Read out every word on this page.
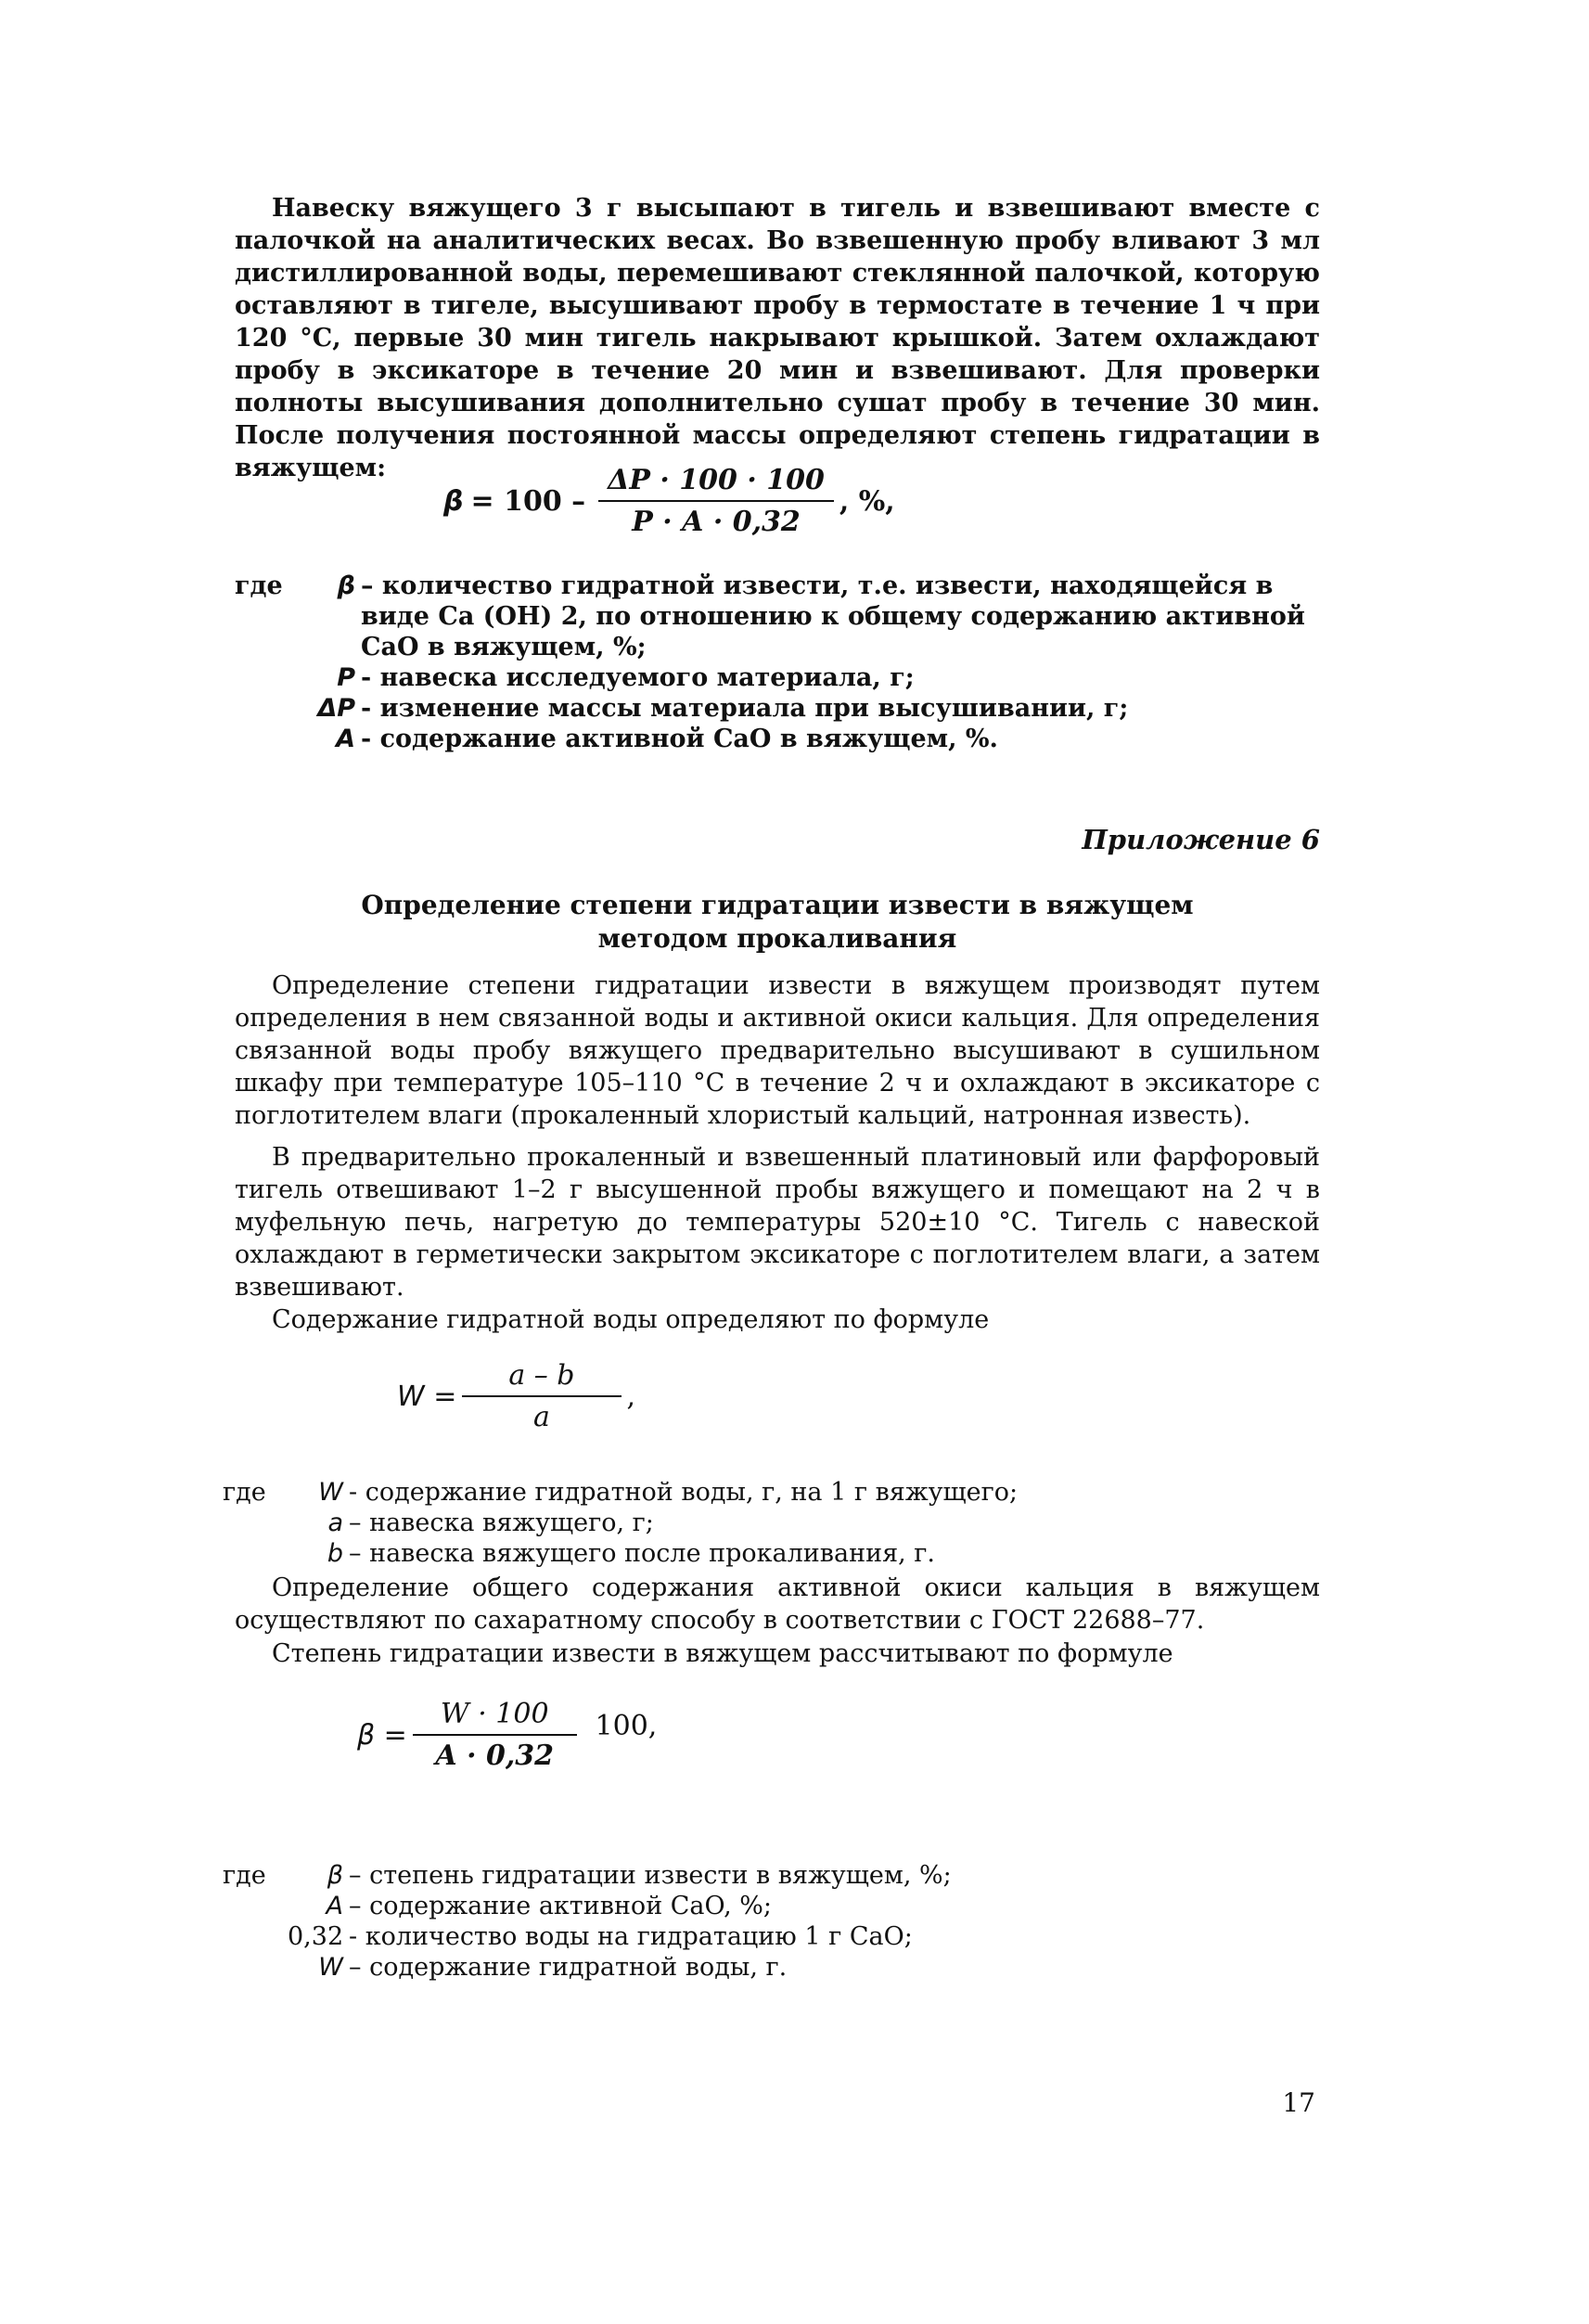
Навеску вяжущего 3 г высыпают в тигель и взвешивают вместе с палочкой на аналитических весах. Во взвешенную пробу вливают 3 мл дистиллированной воды, перемешивают стеклянной палочкой, которую оставляют в тигеле, высушивают пробу в термостате в течение 1 ч при 120 °С, первые 30 мин тигель накрывают крышкой. Затем охлаждают пробу в эксикаторе в течение 20 мин и взвешивают. Для проверки полноты высушивания дополнительно сушат пробу в течение 30 мин. После получения постоянной массы определяют степень гидратации в вяжущем:

$\beta = 100 - \frac{\Delta P \cdot 100 \cdot 100}{P \cdot A \cdot 0,32}$ , %,
где	β – количество гидратной извести, т.е. извести, находящейся в виде Ca (OH) 2, по отношению к общему содержанию активной CaO в вяжущем, %;
P - навеска исследуемого материала, г;
ΔP - изменение массы материала при высушивании, г;
A - содержание активной CaO в вяжущем, %.
Приложение 6
Определение степени гидратации извести в вяжущем
методом прокаливания

Определение степени гидратации извести в вяжущем производят путем определения в нем связанной воды и активной окиси кальция. Для определения связанной воды пробу вяжущего предварительно высушивают в сушильном шкафу при температуре 105–110 °С в течение 2 ч и охлаждают в эксикаторе с поглотителем влаги (прокаленный хлористый кальций, натронная известь).

В предварительно прокаленный и взвешенный платиновый или фарфоровый тигель отвешивают 1–2 г высушенной пробы вяжущего и помещают на 2 ч в муфельную печь, нагретую до температуры 520±10 °С. Тигель с навеской охлаждают в герметически закрытом эксикаторе с поглотителем влаги, а затем взвешивают.

Содержание гидратной воды определяют по формуле

$W = \frac{a - b}{a}$ ,
где	W - содержание гидратной воды, г, на 1 г вяжущего;
a – навеска вяжущего, г;
b – навеска вяжущего после прокаливания, г.

Определение общего содержания активной окиси кальция в вяжущем осуществляют по сахаратному способу в соответствии с ГОСТ 22688–77.

Степень гидратации извести в вяжущем рассчитывают по формуле

$\beta = \frac{W \cdot 100}{A \cdot 0,32} 100$,
где	β – степень гидратации извести в вяжущем, %;
A – содержание активной CaO, %;
0,32 - количество воды на гидратацию 1 г CaO;
W – содержание гидратной воды, г.
17
